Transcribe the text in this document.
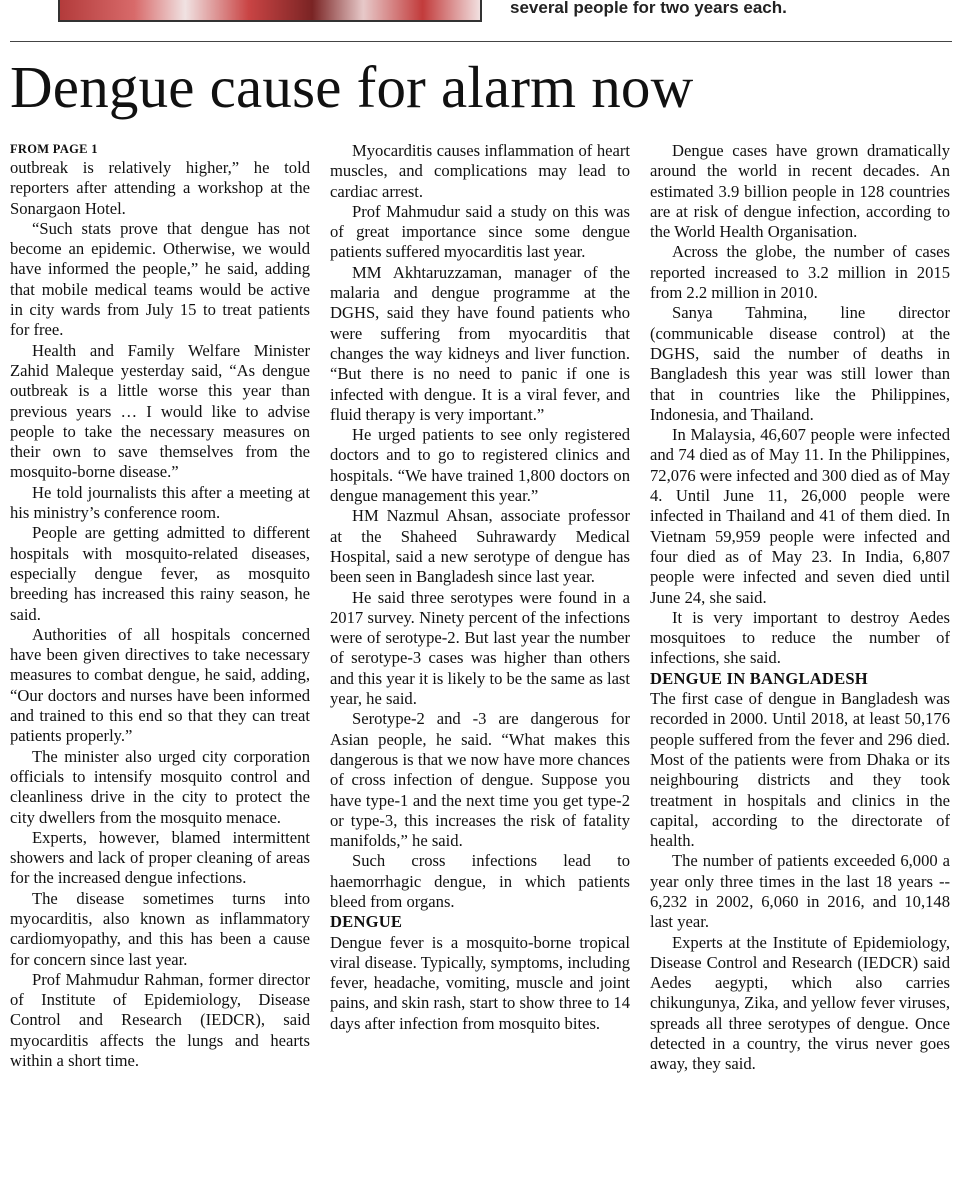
several people for two years each.
Dengue cause for alarm now
FROM PAGE 1

outbreak is relatively higher,” he told reporters after attending a workshop at the Sonargaon Hotel.

“Such stats prove that dengue has not become an epidemic. Otherwise, we would have informed the people,” he said, adding that mobile medical teams would be active in city wards from July 15 to treat patients for free.

Health and Family Welfare Minister Zahid Maleque yesterday said, “As dengue outbreak is a little worse this year than previous years … I would like to advise people to take the necessary measures on their own to save themselves from the mosquito-borne disease.”

He told journalists this after a meeting at his ministry’s conference room.

People are getting admitted to different hospitals with mosquito-related diseases, especially dengue fever, as mosquito breeding has increased this rainy season, he said.

Authorities of all hospitals concerned have been given directives to take necessary measures to combat dengue, he said, adding, “Our doctors and nurses have been informed and trained to this end so that they can treat patients properly.”

The minister also urged city corporation officials to intensify mosquito control and cleanliness drive in the city to protect the city dwellers from the mosquito menace.

Experts, however, blamed intermittent showers and lack of proper cleaning of areas for the increased dengue infections.

The disease sometimes turns into myocarditis, also known as inflammatory cardiomyopathy, and this has been a cause for concern since last year.

Prof Mahmudur Rahman, former director of Institute of Epidemiology, Disease Control and Research (IEDCR), said myocarditis affects the lungs and hearts within a short time.

Myocarditis causes inflammation of heart muscles, and complications may lead to cardiac arrest.

Prof Mahmudur said a study on this was of great importance since some dengue patients suffered myocarditis last year.

MM Akhtaruzzaman, manager of the malaria and dengue programme at the DGHS, said they have found patients who were suffering from myocarditis that changes the way kidneys and liver function. “But there is no need to panic if one is infected with dengue. It is a viral fever, and fluid therapy is very important.”

He urged patients to see only registered doctors and to go to registered clinics and hospitals. “We have trained 1,800 doctors on dengue management this year.”

HM Nazmul Ahsan, associate professor at the Shaheed Suhrawardy Medical Hospital, said a new serotype of dengue has been seen in Bangladesh since last year.

He said three serotypes were found in a 2017 survey. Ninety percent of the infections were of serotype-2. But last year the number of serotype-3 cases was higher than others and this year it is likely to be the same as last year, he said.

Serotype-2 and -3 are dangerous for Asian people, he said. “What makes this dangerous is that we now have more chances of cross infection of dengue. Suppose you have type-1 and the next time you get type-2 or type-3, this increases the risk of fatality manifolds,” he said.

Such cross infections lead to haemorrhagic dengue, in which patients bleed from organs.

DENGUE

Dengue fever is a mosquito-borne tropical viral disease. Typically, symptoms, including fever, headache, vomiting, muscle and joint pains, and skin rash, start to show three to 14 days after infection from mosquito bites.

Dengue cases have grown dramatically around the world in recent decades. An estimated 3.9 billion people in 128 countries are at risk of dengue infection, according to the World Health Organisation.

Across the globe, the number of cases reported increased to 3.2 million in 2015 from 2.2 million in 2010.

Sanya Tahmina, line director (communicable disease control) at the DGHS, said the number of deaths in Bangladesh this year was still lower than that in countries like the Philippines, Indonesia, and Thailand.

In Malaysia, 46,607 people were infected and 74 died as of May 11. In the Philippines, 72,076 were infected and 300 died as of May 4. Until June 11, 26,000 people were infected in Thailand and 41 of them died. In Vietnam 59,959 people were infected and four died as of May 23. In India, 6,807 people were infected and seven died until June 24, she said.

It is very important to destroy Aedes mosquitoes to reduce the number of infections, she said.

DENGUE IN BANGLADESH

The first case of dengue in Bangladesh was recorded in 2000. Until 2018, at least 50,176 people suffered from the fever and 296 died. Most of the patients were from Dhaka or its neighbouring districts and they took treatment in hospitals and clinics in the capital, according to the directorate of health.

The number of patients exceeded 6,000 a year only three times in the last 18 years -- 6,232 in 2002, 6,060 in 2016, and 10,148 last year.

Experts at the Institute of Epidemiology, Disease Control and Research (IEDCR) said Aedes aegypti, which also carries chikungunya, Zika, and yellow fever viruses, spreads all three serotypes of dengue. Once detected in a country, the virus never goes away, they said.
